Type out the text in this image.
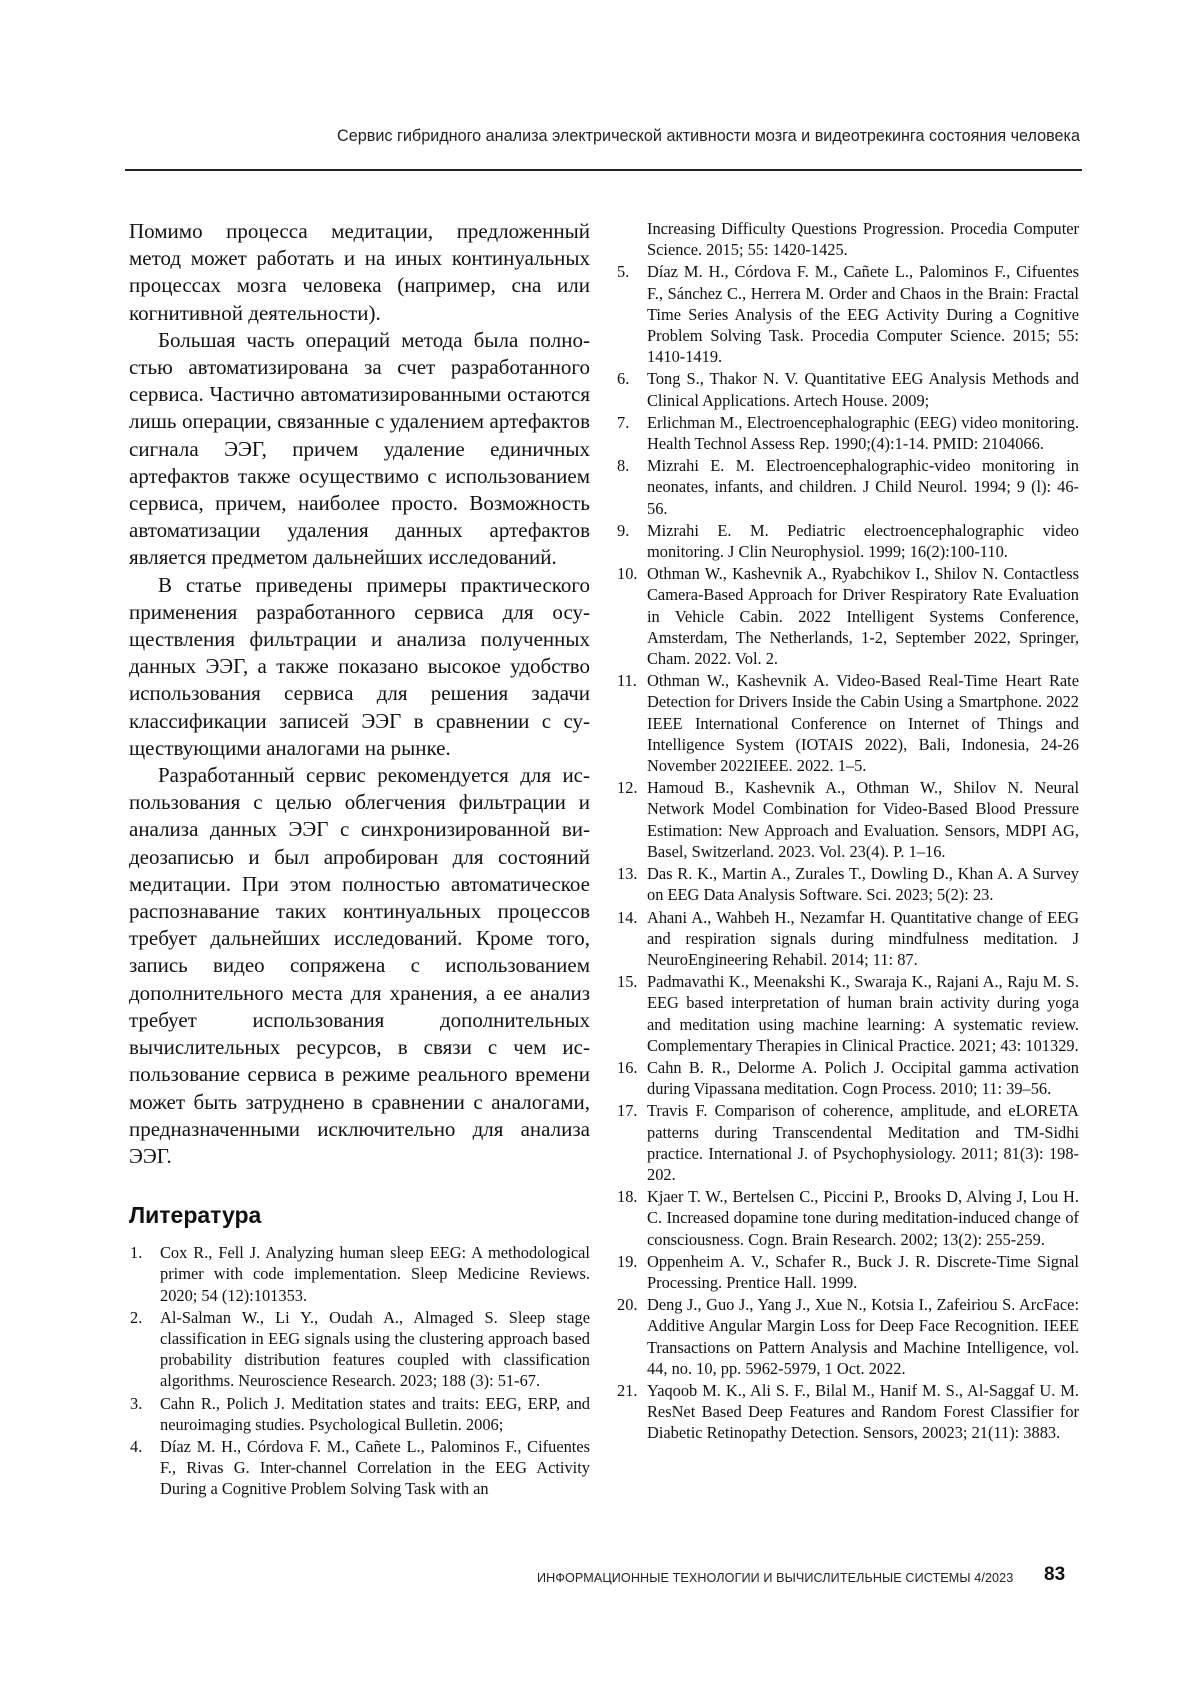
Сервис гибридного анализа электрической активности мозга и видеотрекинга состояния человека

Помимо процесса медитации, предложенный метод может работать и на иных континуальных процессах мозга человека (например, сна или когнитивной деятельности).

Большая часть операций метода была полностью автоматизирована за счет разработанного сервиса. Частично автоматизированными остаются лишь операции, связанные с удалением артефактов сигнала ЭЭГ, причем удаление единичных артефактов также осуществимо с использованием сервиса, причем, наиболее просто. Возможность автоматизации удаления данных артефактов является предметом дальнейших исследований.

В статье приведены примеры практического применения разработанного сервиса для осуществления фильтрации и анализа полученных данных ЭЭГ, а также показано высокое удобство использования сервиса для решения задачи классификации записей ЭЭГ в сравнении с существующими аналогами на рынке.

Разработанный сервис рекомендуется для использования с целью облегчения фильтрации и анализа данных ЭЭГ с синхронизированной видеозаписью и был апробирован для состояний медитации. При этом полностью автоматическое распознавание таких континуальных процессов требует дальнейших исследований. Кроме того, запись видео сопряжена с использованием дополнительного места для хранения, а ее анализ требует использования дополнительных вычислительных ресурсов, в связи с чем использование сервиса в режиме реального времени может быть затруднено в сравнении с аналогами, предназначенными исключительно для анализа ЭЭГ.

Литература
1. Cox R., Fell J. Analyzing human sleep EEG: A methodological primer with code implementation. Sleep Medicine Reviews. 2020; 54 (12):101353.
2. Al-Salman W., Li Y., Oudah A., Almaged S. Sleep stage classification in EEG signals using the clustering approach based probability distribution features coupled with classification algorithms. Neuroscience Research. 2023; 188 (3): 51-67.
3. Cahn R., Polich J. Meditation states and traits: EEG, ERP, and neuroimaging studies. Psychological Bulletin. 2006;
4. Díaz M. H., Córdova F. M., Cañete L., Palominos F., Cifuentes F., Rivas G. Inter-channel Correlation in the EEG Activity During a Cognitive Problem Solving Task with an
Increasing Difficulty Questions Progression. Procedia Computer Science. 2015; 55: 1420-1425.
5. Díaz M. H., Córdova F. M., Cañete L., Palominos F., Cifuentes F., Sánchez C., Herrera M. Order and Chaos in the Brain: Fractal Time Series Analysis of the EEG Activity During a Cognitive Problem Solving Task. Procedia Computer Science. 2015; 55: 1410-1419.
6. Tong S., Thakor N. V. Quantitative EEG Analysis Methods and Clinical Applications. Artech House. 2009;
7. Erlichman M., Electroencephalographic (EEG) video monitoring. Health Technol Assess Rep. 1990;(4):1-14. PMID: 2104066.
8. Mizrahi E. M. Electroencephalographic-video monitoring in neonates, infants, and children. J Child Neurol. 1994; 9 (l): 46-56.
9. Mizrahi E. M. Pediatric electroencephalographic video monitoring. J Clin Neurophysiol. 1999; 16(2):100-110.
10. Othman W., Kashevnik A., Ryabchikov I., Shilov N. Contactless Camera-Based Approach for Driver Respiratory Rate Evaluation in Vehicle Cabin. 2022 Intelligent Systems Conference, Amsterdam, The Netherlands, 1-2, September 2022, Springer, Cham. 2022. Vol. 2.
11. Othman W., Kashevnik A. Video-Based Real-Time Heart Rate Detection for Drivers Inside the Cabin Using a Smartphone. 2022 IEEE International Conference on Internet of Things and Intelligence System (IOTAIS 2022), Bali, Indonesia, 24-26 November 2022IEEE. 2022. 1–5.
12. Hamoud B., Kashevnik A., Othman W., Shilov N. Neural Network Model Combination for Video-Based Blood Pressure Estimation: New Approach and Evaluation. Sensors, MDPI AG, Basel, Switzerland. 2023. Vol. 23(4). P. 1–16.
13. Das R. K., Martin A., Zurales T., Dowling D., Khan A. A Survey on EEG Data Analysis Software. Sci. 2023; 5(2): 23.
14. Ahani A., Wahbeh H., Nezamfar H. Quantitative change of EEG and respiration signals during mindfulness meditation. J NeuroEngineering Rehabil. 2014; 11: 87.
15. Padmavathi K., Meenakshi K., Swaraja K., Rajani A., Raju M. S. EEG based interpretation of human brain activity during yoga and meditation using machine learning: A systematic review. Complementary Therapies in Clinical Practice. 2021; 43: 101329.
16. Cahn B. R., Delorme A. Polich J. Occipital gamma activation during Vipassana meditation. Cogn Process. 2010; 11: 39–56.
17. Travis F. Comparison of coherence, amplitude, and eLORETA patterns during Transcendental Meditation and TM-Sidhi practice. International J. of Psychophysiology. 2011; 81(3): 198-202.
18. Kjaer T. W., Bertelsen C., Piccini P., Brooks D, Alving J, Lou H. C. Increased dopamine tone during meditation-induced change of consciousness. Cogn. Brain Research. 2002; 13(2): 255-259.
19. Oppenheim A. V., Schafer R., Buck J. R. Discrete-Time Signal Processing. Prentice Hall. 1999.
20. Deng J., Guo J., Yang J., Xue N., Kotsia I., Zafeiriou S. ArcFace: Additive Angular Margin Loss for Deep Face Recognition. IEEE Transactions on Pattern Analysis and Machine Intelligence, vol. 44, no. 10, pp. 5962-5979, 1 Oct. 2022.
21. Yaqoob M. K., Ali S. F., Bilal M., Hanif M. S., Al-Saggaf U. M. ResNet Based Deep Features and Random Forest Classifier for Diabetic Retinopathy Detection. Sensors, 20023; 21(11): 3883.
ИНФОРМАЦИОННЫЕ ТЕХНОЛОГИИ И ВЫЧИСЛИТЕЛЬНЫЕ СИСТЕМЫ 4/2023 83
